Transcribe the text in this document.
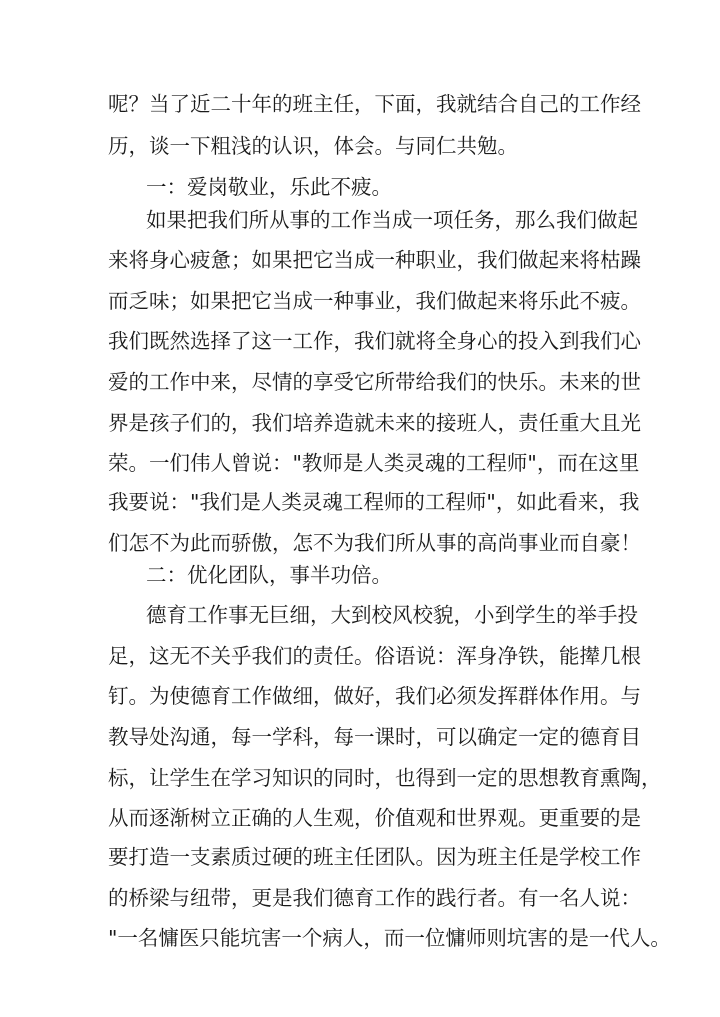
呢？当了近二十年的班主任，下面，我就结合自己的工作经
历，谈一下粗浅的认识，体会。与同仁共勉。
一：爱岗敬业，乐此不疲。
如果把我们所从事的工作当成一项任务，那么我们做起
来将身心疲惫；如果把它当成一种职业，我们做起来将枯躁
而乏味；如果把它当成一种事业，我们做起来将乐此不疲。
我们既然选择了这一工作，我们就将全身心的投入到我们心
爱的工作中来，尽情的享受它所带给我们的快乐。未来的世
界是孩子们的，我们培养造就未来的接班人，责任重大且光
荣。一们伟人曾说："教师是人类灵魂的工程师"，而在这里
我要说："我们是人类灵魂工程师的工程师"，如此看来，我
们怎不为此而骄傲，怎不为我们所从事的高尚事业而自豪！
二：优化团队，事半功倍。
德育工作事无巨细，大到校风校貌，小到学生的举手投
足，这无不关乎我们的责任。俗语说：浑身净铁，能撵几根
钉。为使德育工作做细，做好，我们必须发挥群体作用。与
教导处沟通，每一学科，每一课时，可以确定一定的德育目
标，让学生在学习知识的同时，也得到一定的思想教育熏陶，
从而逐渐树立正确的人生观，价值观和世界观。更重要的是
要打造一支素质过硬的班主任团队。因为班主任是学校工作
的桥梁与纽带，更是我们德育工作的践行者。有一名人说：
"一名慵医只能坑害一个病人，而一位慵师则坑害的是一代人。
